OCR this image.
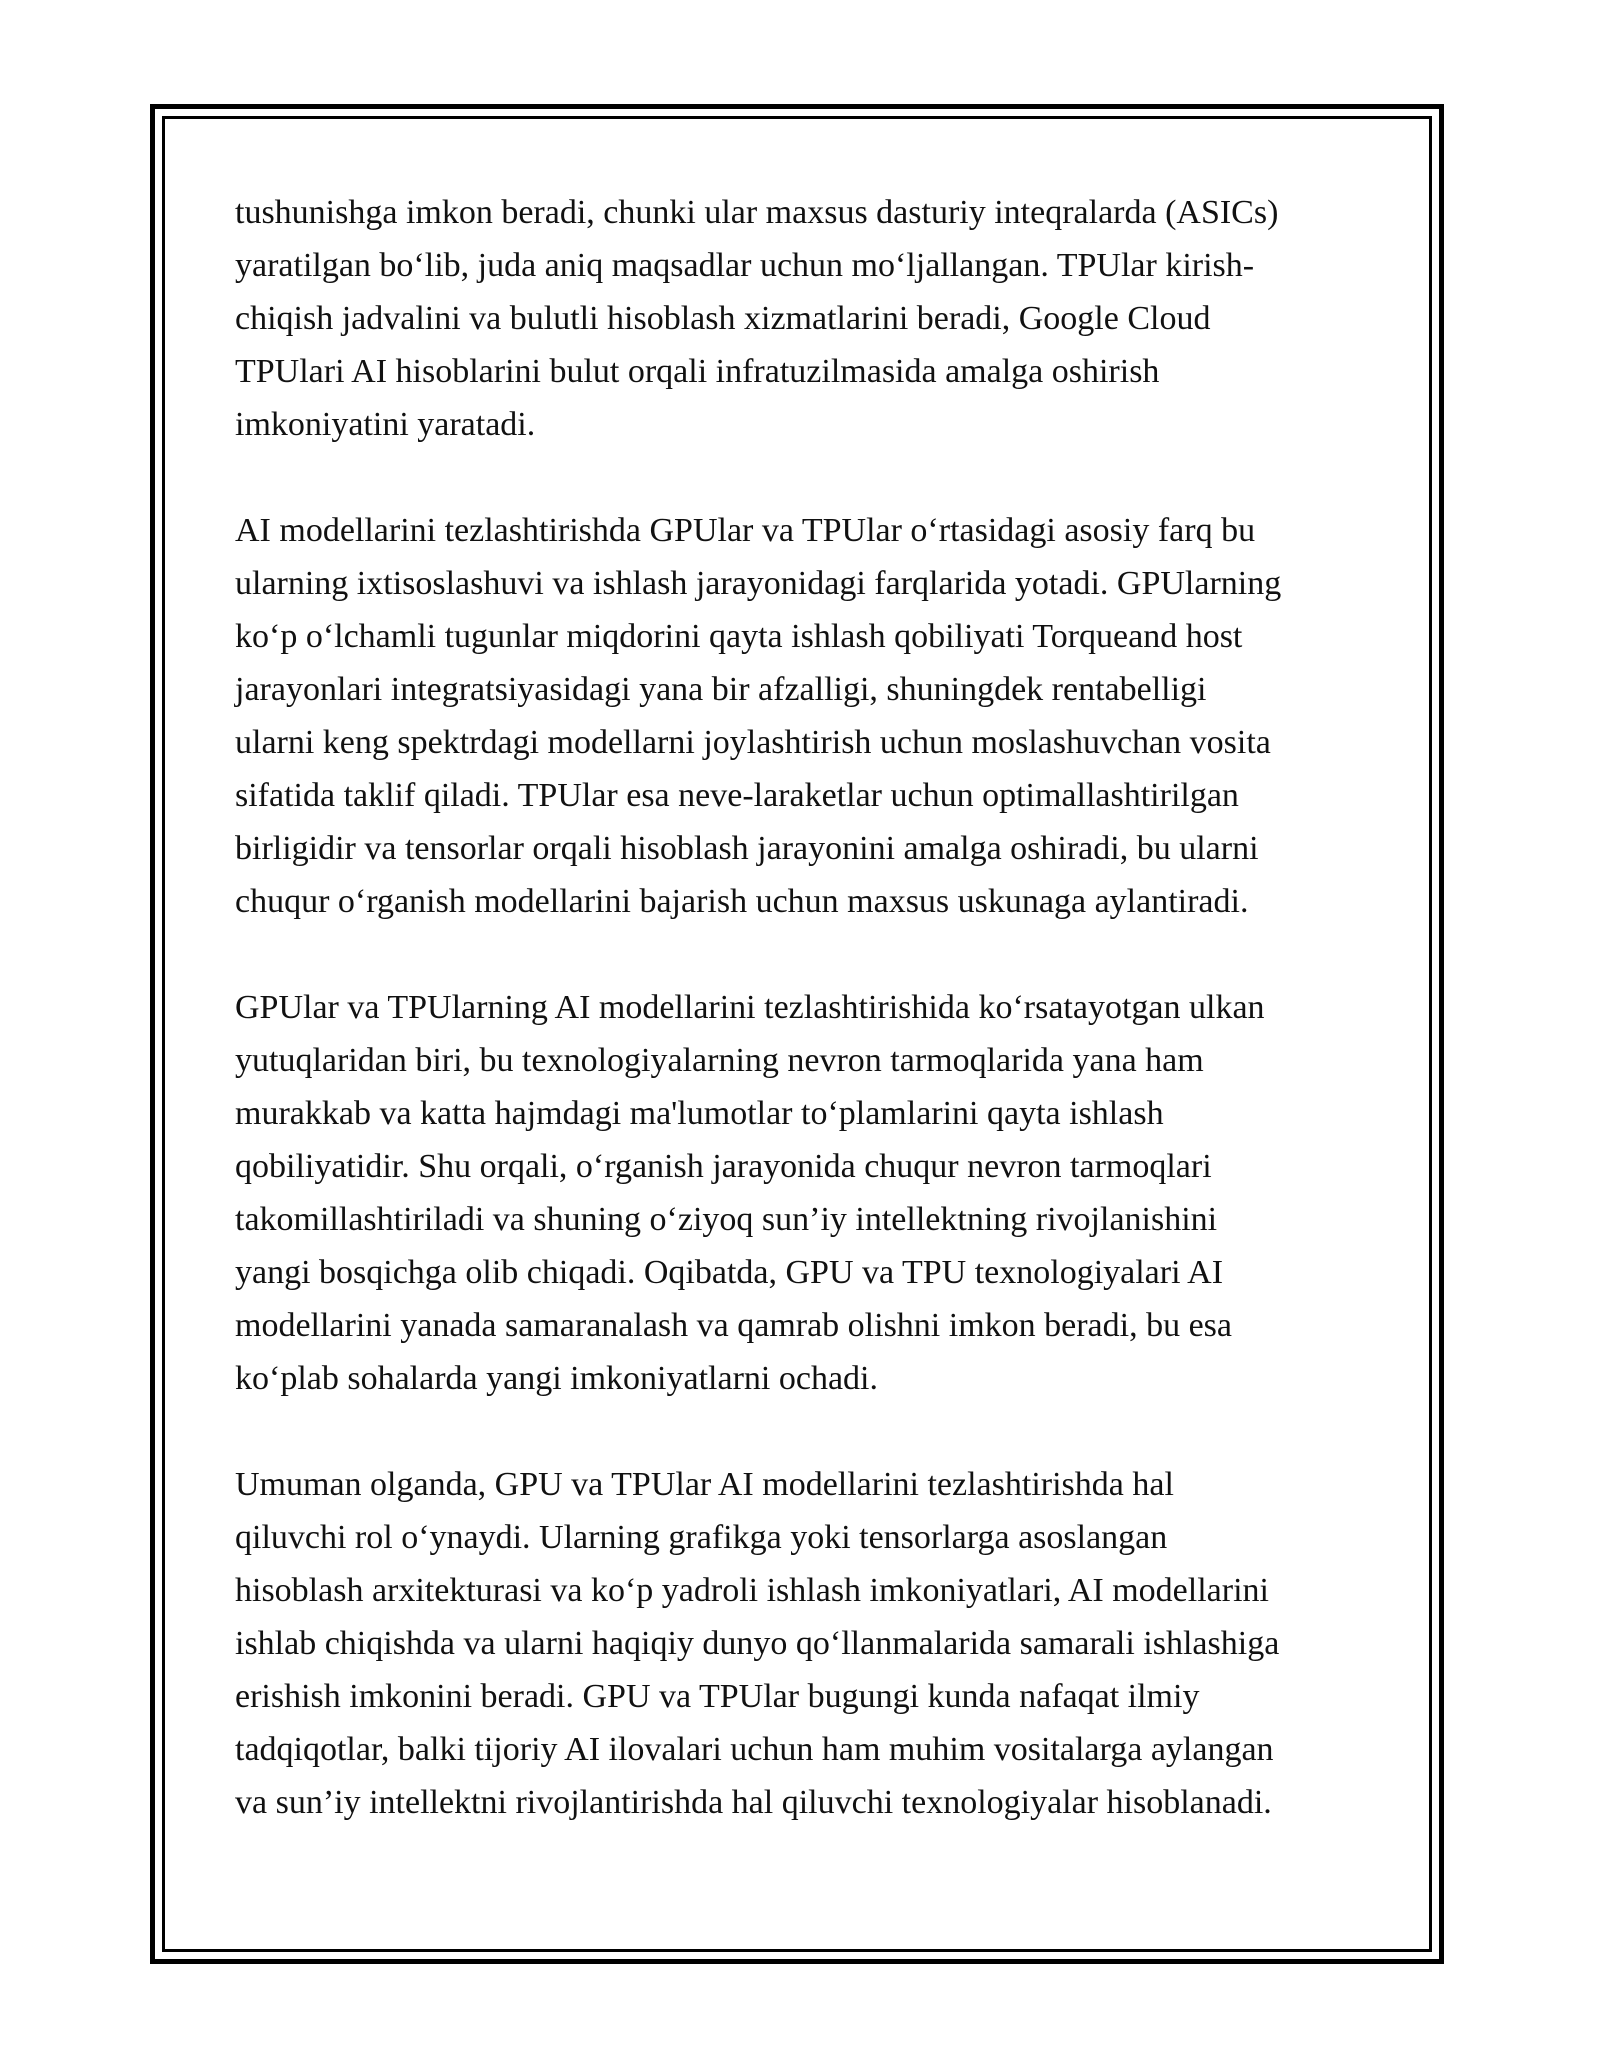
tushunishga imkon beradi, chunki ular maxsus dasturiy inteqralarda (ASICs)
yaratilgan bo‘lib, juda aniq maqsadlar uchun mo‘ljallangan. TPUlar kirish-
chiqish jadvalini va bulutli hisoblash xizmatlarini beradi, Google Cloud
TPUlari AI hisoblarini bulut orqali infratuzilmasida amalga oshirish
imkoniyatini yaratadi.

AI modellarini tezlashtirishda GPUlar va TPUlar o‘rtasidagi asosiy farq bu
ularning ixtisoslashuvi va ishlash jarayonidagi farqlarida yotadi. GPUlarning
ko‘p o‘lchamli tugunlar miqdorini qayta ishlash qobiliyati Torqueand host
jarayonlari integratsiyasidagi yana bir afzalligi, shuningdek rentabelligi
ularni keng spektrdagi modellarni joylashtirish uchun moslashuvchan vosita
sifatida taklif qiladi. TPUlar esa neve-laraketlar uchun optimallashtirilgan
birligidir va tensorlar orqali hisoblash jarayonini amalga oshiradi, bu ularni
chuqur o‘rganish modellarini bajarish uchun maxsus uskunaga aylantiradi.

GPUlar va TPUlarning AI modellarini tezlashtirishida ko‘rsatayotgan ulkan
yutuqlaridan biri, bu texnologiyalarning nevron tarmoqlarida yana ham
murakkab va katta hajmdagi ma'lumotlar to‘plamlarini qayta ishlash
qobiliyatidir. Shu orqali, o‘rganish jarayonida chuqur nevron tarmoqlari
takomillashtiriladi va shuning o‘ziyoq sun’iy intellektning rivojlanishini
yangi bosqichga olib chiqadi. Oqibatda, GPU va TPU texnologiyalari AI
modellarini yanada samaranalash va qamrab olishni imkon beradi, bu esa
ko‘plab sohalarda yangi imkoniyatlarni ochadi.

Umuman olganda, GPU va TPUlar AI modellarini tezlashtirishda hal
qiluvchi rol o‘ynaydi. Ularning grafikga yoki tensorlarga asoslangan
hisoblash arxitekturasi va ko‘p yadroli ishlash imkoniyatlari, AI modellarini
ishlab chiqishda va ularni haqiqiy dunyo qo‘llanmalarida samarali ishlashiga
erishish imkonini beradi. GPU va TPUlar bugungi kunda nafaqat ilmiy
tadqiqotlar, balki tijoriy AI ilovalari uchun ham muhim vositalarga aylangan
va sun’iy intellektni rivojlantirishda hal qiluvchi texnologiyalar hisoblanadi.
